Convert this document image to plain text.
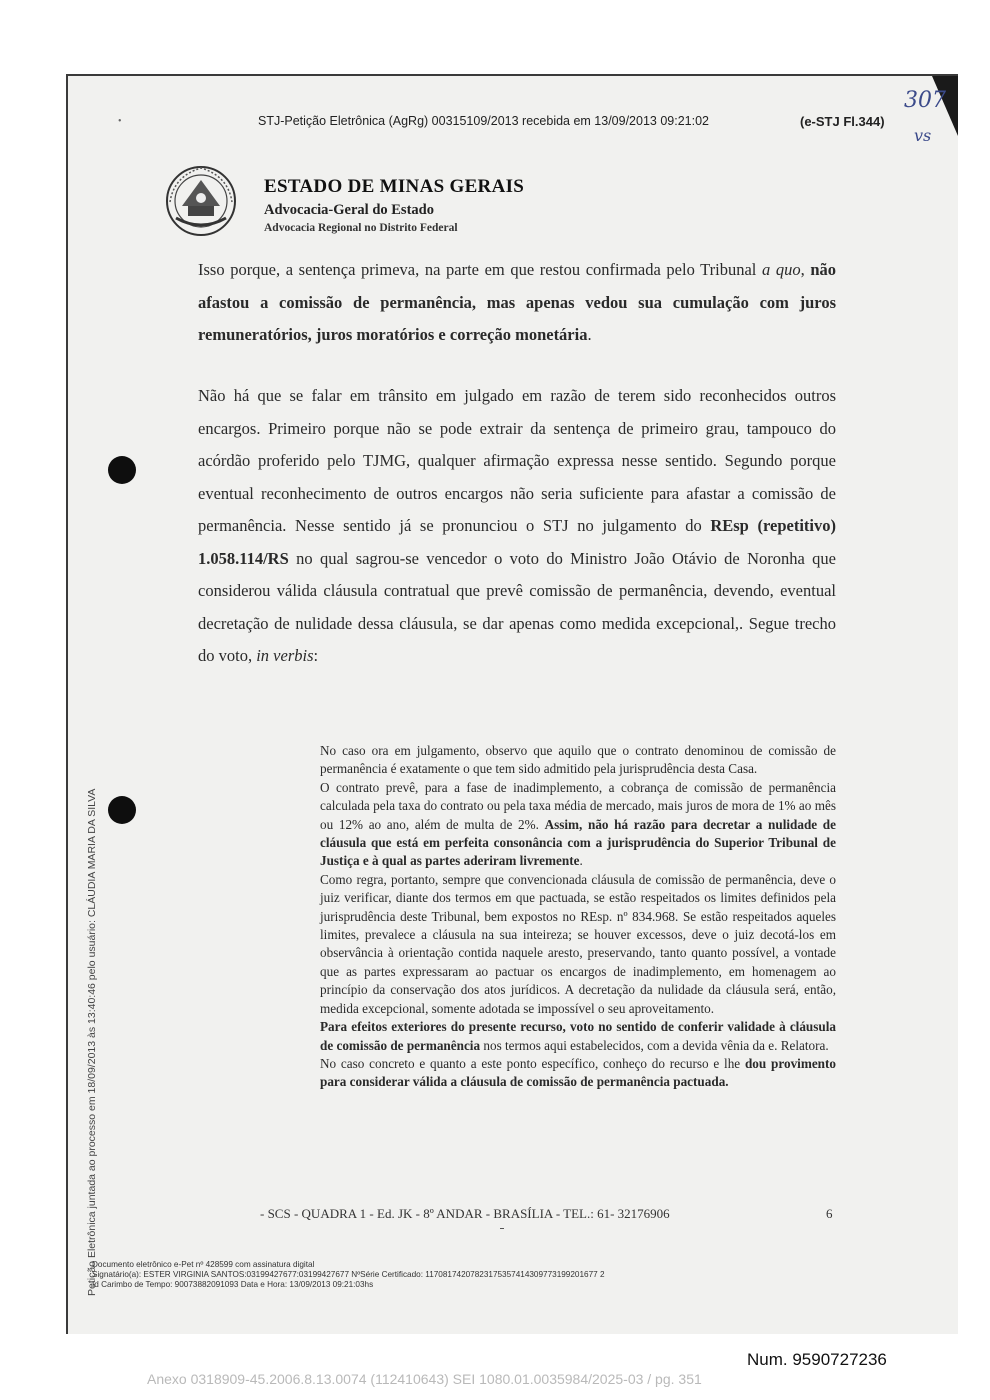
•	STJ-Petição Eletrônica (AgRg) 00315109/2013 recebida em 13/09/2013 09:21:02	(e-STJ Fl.344)
307
vs
ESTADO DE MINAS GERAIS
Advocacia-Geral do Estado
Advocacia Regional no Distrito Federal
Isso porque, a sentença primeva, na parte em que restou confirmada pelo Tribunal a quo, não afastou a comissão de permanência, mas apenas vedou sua cumulação com juros remuneratórios, juros moratórios e correção monetária.
Não há que se falar em trânsito em julgado em razão de terem sido reconhecidos outros encargos. Primeiro porque não se pode extrair da sentença de primeiro grau, tampouco do acórdão proferido pelo TJMG, qualquer afirmação expressa nesse sentido. Segundo porque eventual reconhecimento de outros encargos não seria suficiente para afastar a comissão de permanência. Nesse sentido já se pronunciou o STJ no julgamento do REsp (repetitivo) 1.058.114/RS no qual sagrou-se vencedor o voto do Ministro João Otávio de Noronha que considerou válida cláusula contratual que prevê comissão de permanência, devendo, eventual decretação de nulidade dessa cláusula, se dar apenas como medida excepcional,. Segue trecho do voto, in verbis:

No caso ora em julgamento, observo que aquilo que o contrato denominou de comissão de permanência é exatamente o que tem sido admitido pela jurisprudência desta Casa.

O contrato prevê, para a fase de inadimplemento, a cobrança de comissão de permanência calculada pela taxa do contrato ou pela taxa média de mercado, mais juros de mora de 1% ao mês ou 12% ao ano, além de multa de 2%. Assim, não há razão para decretar a nulidade de cláusula que está em perfeita consonância com a jurisprudência do Superior Tribunal de Justiça e à qual as partes aderiram livremente.

Como regra, portanto, sempre que convencionada cláusula de comissão de permanência, deve o juiz verificar, diante dos termos em que pactuada, se estão respeitados os limites definidos pela jurisprudência deste Tribunal, bem expostos no REsp. nº 834.968. Se estão respeitados aqueles limites, prevalece a cláusula na sua inteireza; se houver excessos, deve o juiz decotá-los em observância à orientação contida naquele aresto, preservando, tanto quanto possível, a vontade que as partes expressaram ao pactuar os encargos de inadimplemento, em homenagem ao princípio da conservação dos atos jurídicos. A decretação da nulidade da cláusula será, então, medida excepcional, somente adotada se impossível o seu aproveitamento.

Para efeitos exteriores do presente recurso, voto no sentido de conferir validade à cláusula de comissão de permanência nos termos aqui estabelecidos, com a devida vênia da e. Relatora.

No caso concreto e quanto a este ponto específico, conheço do recurso e lhe dou provimento para considerar válida a cláusula de comissão de permanência pactuada.

- SCS - QUADRA 1 - Ed. JK - 8º ANDAR - BRASÍLIA - TEL.: 61- 32176906	6
Documento eletrônico e-Pet nº 428599 com assinatura digital
Signatário(a): ESTER VIRGINIA SANTOS:03199427677:03199427677 NºSérie Certificado: 11708174207823175357414309773199201677 2
Id Carimbo de Tempo: 90073882091093 Data e Hora: 13/09/2013 09:21:03hs
Petição Eletrônica juntada ao processo em 18/09/2013 às 13:40:46 pelo usuário: CLÁUDIA MARIA DA SILVA
Num. 9590727236
Anexo 0318909-45.2006.8.13.0074 (112410643) SEI 1080.01.0035984/2025-03 / pg. 351
